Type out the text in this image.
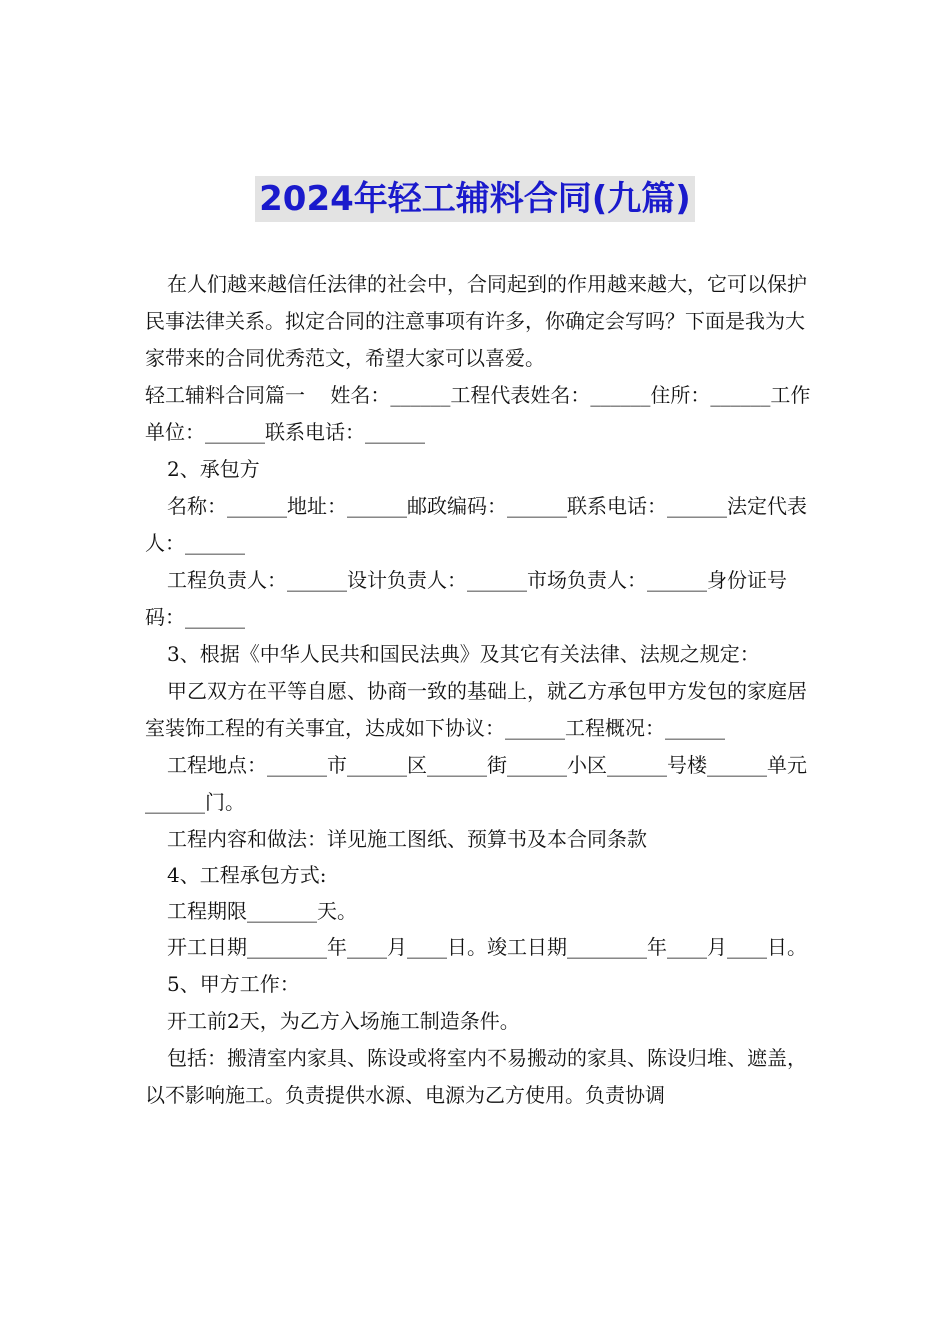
2024年轻工辅料合同(九篇)

在人们越来越信任法律的社会中，合同起到的作用越来越大，它可以保护民事法律关系。拟定合同的注意事项有许多，你确定会写吗？下面是我为大家带来的合同优秀范文，希望大家可以喜爱。

轻工辅料合同篇一    姓名：______工程代表姓名：______住所：______工作单位：______联系电话：______

2、承包方

名称：______地址：______邮政编码：______联系电话：______法定代表人：______

工程负责人：______设计负责人：______市场负责人：______身份证号码：______

3、根据《中华人民共和国民法典》及其它有关法律、法规之规定：

甲乙双方在平等自愿、协商一致的基础上，就乙方承包甲方发包的家庭居室装饰工程的有关事宜，达成如下协议：______工程概况：______

工程地点：______市______区______街______小区______号楼______单元______门。

工程内容和做法：详见施工图纸、预算书及本合同条款

4、工程承包方式:

工程期限_______天。

开工日期________年____月____日。竣工日期________年____月____日。

5、甲方工作：

开工前2天，为乙方入场施工制造条件。

包括：搬清室内家具、陈设或将室内不易搬动的家具、陈设归堆、遮盖，以不影响施工。负责提供水源、电源为乙方使用。负责协调
